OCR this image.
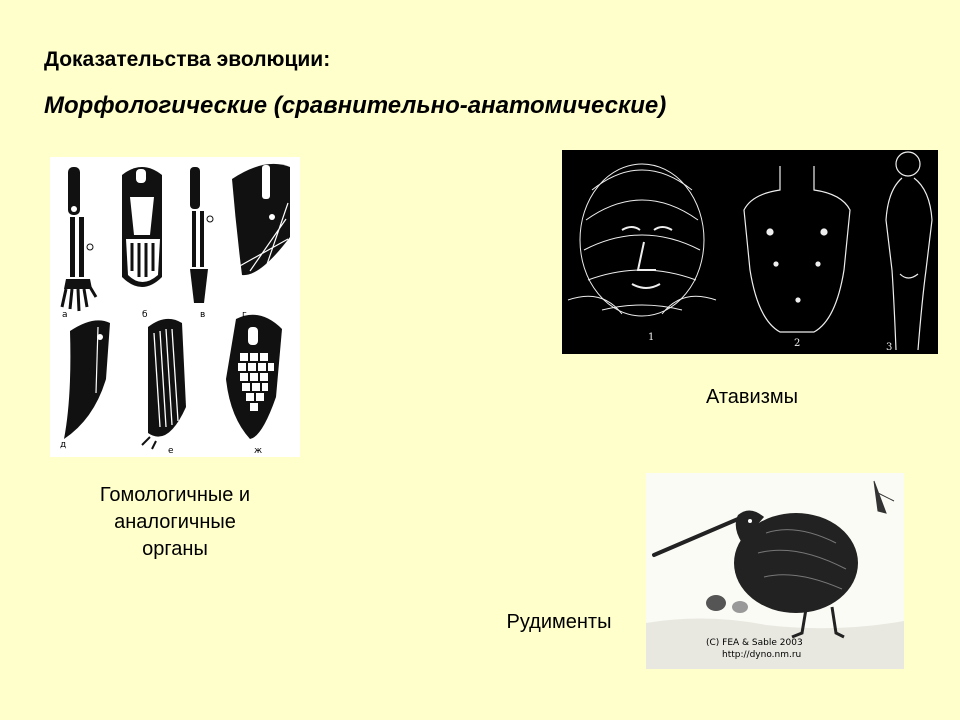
Доказательства эволюции:
Морфологические (сравнительно-анатомические)
а	б	в	г
д
е	ж
1
2	3
(C) FEA & Sable 2003
http://dyno.nm.ru
Гомологичные и
аналогичные
органы
Атавизмы
Рудименты
